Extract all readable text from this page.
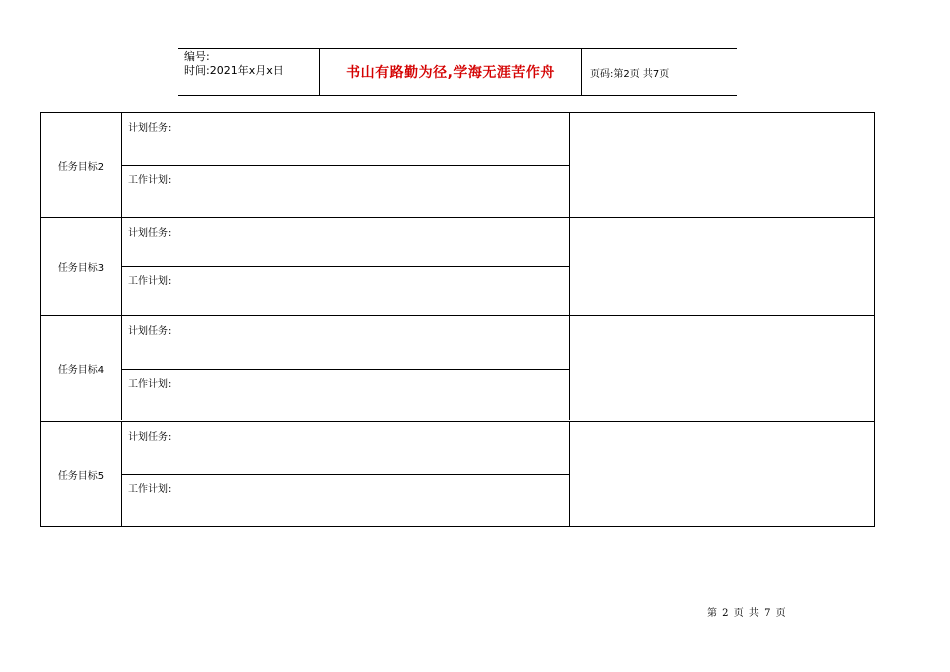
编号:
时间:2021年x月x日	书山有路勤为径,学海无涯苦作舟	页码:第2页 共7页
任务目标2
计划任务:
工作计划:
任务目标3
计划任务:
工作计划:
任务目标4
计划任务:
工作计划:
任务目标5
计划任务:
工作计划:
第 2 页 共 7 页
